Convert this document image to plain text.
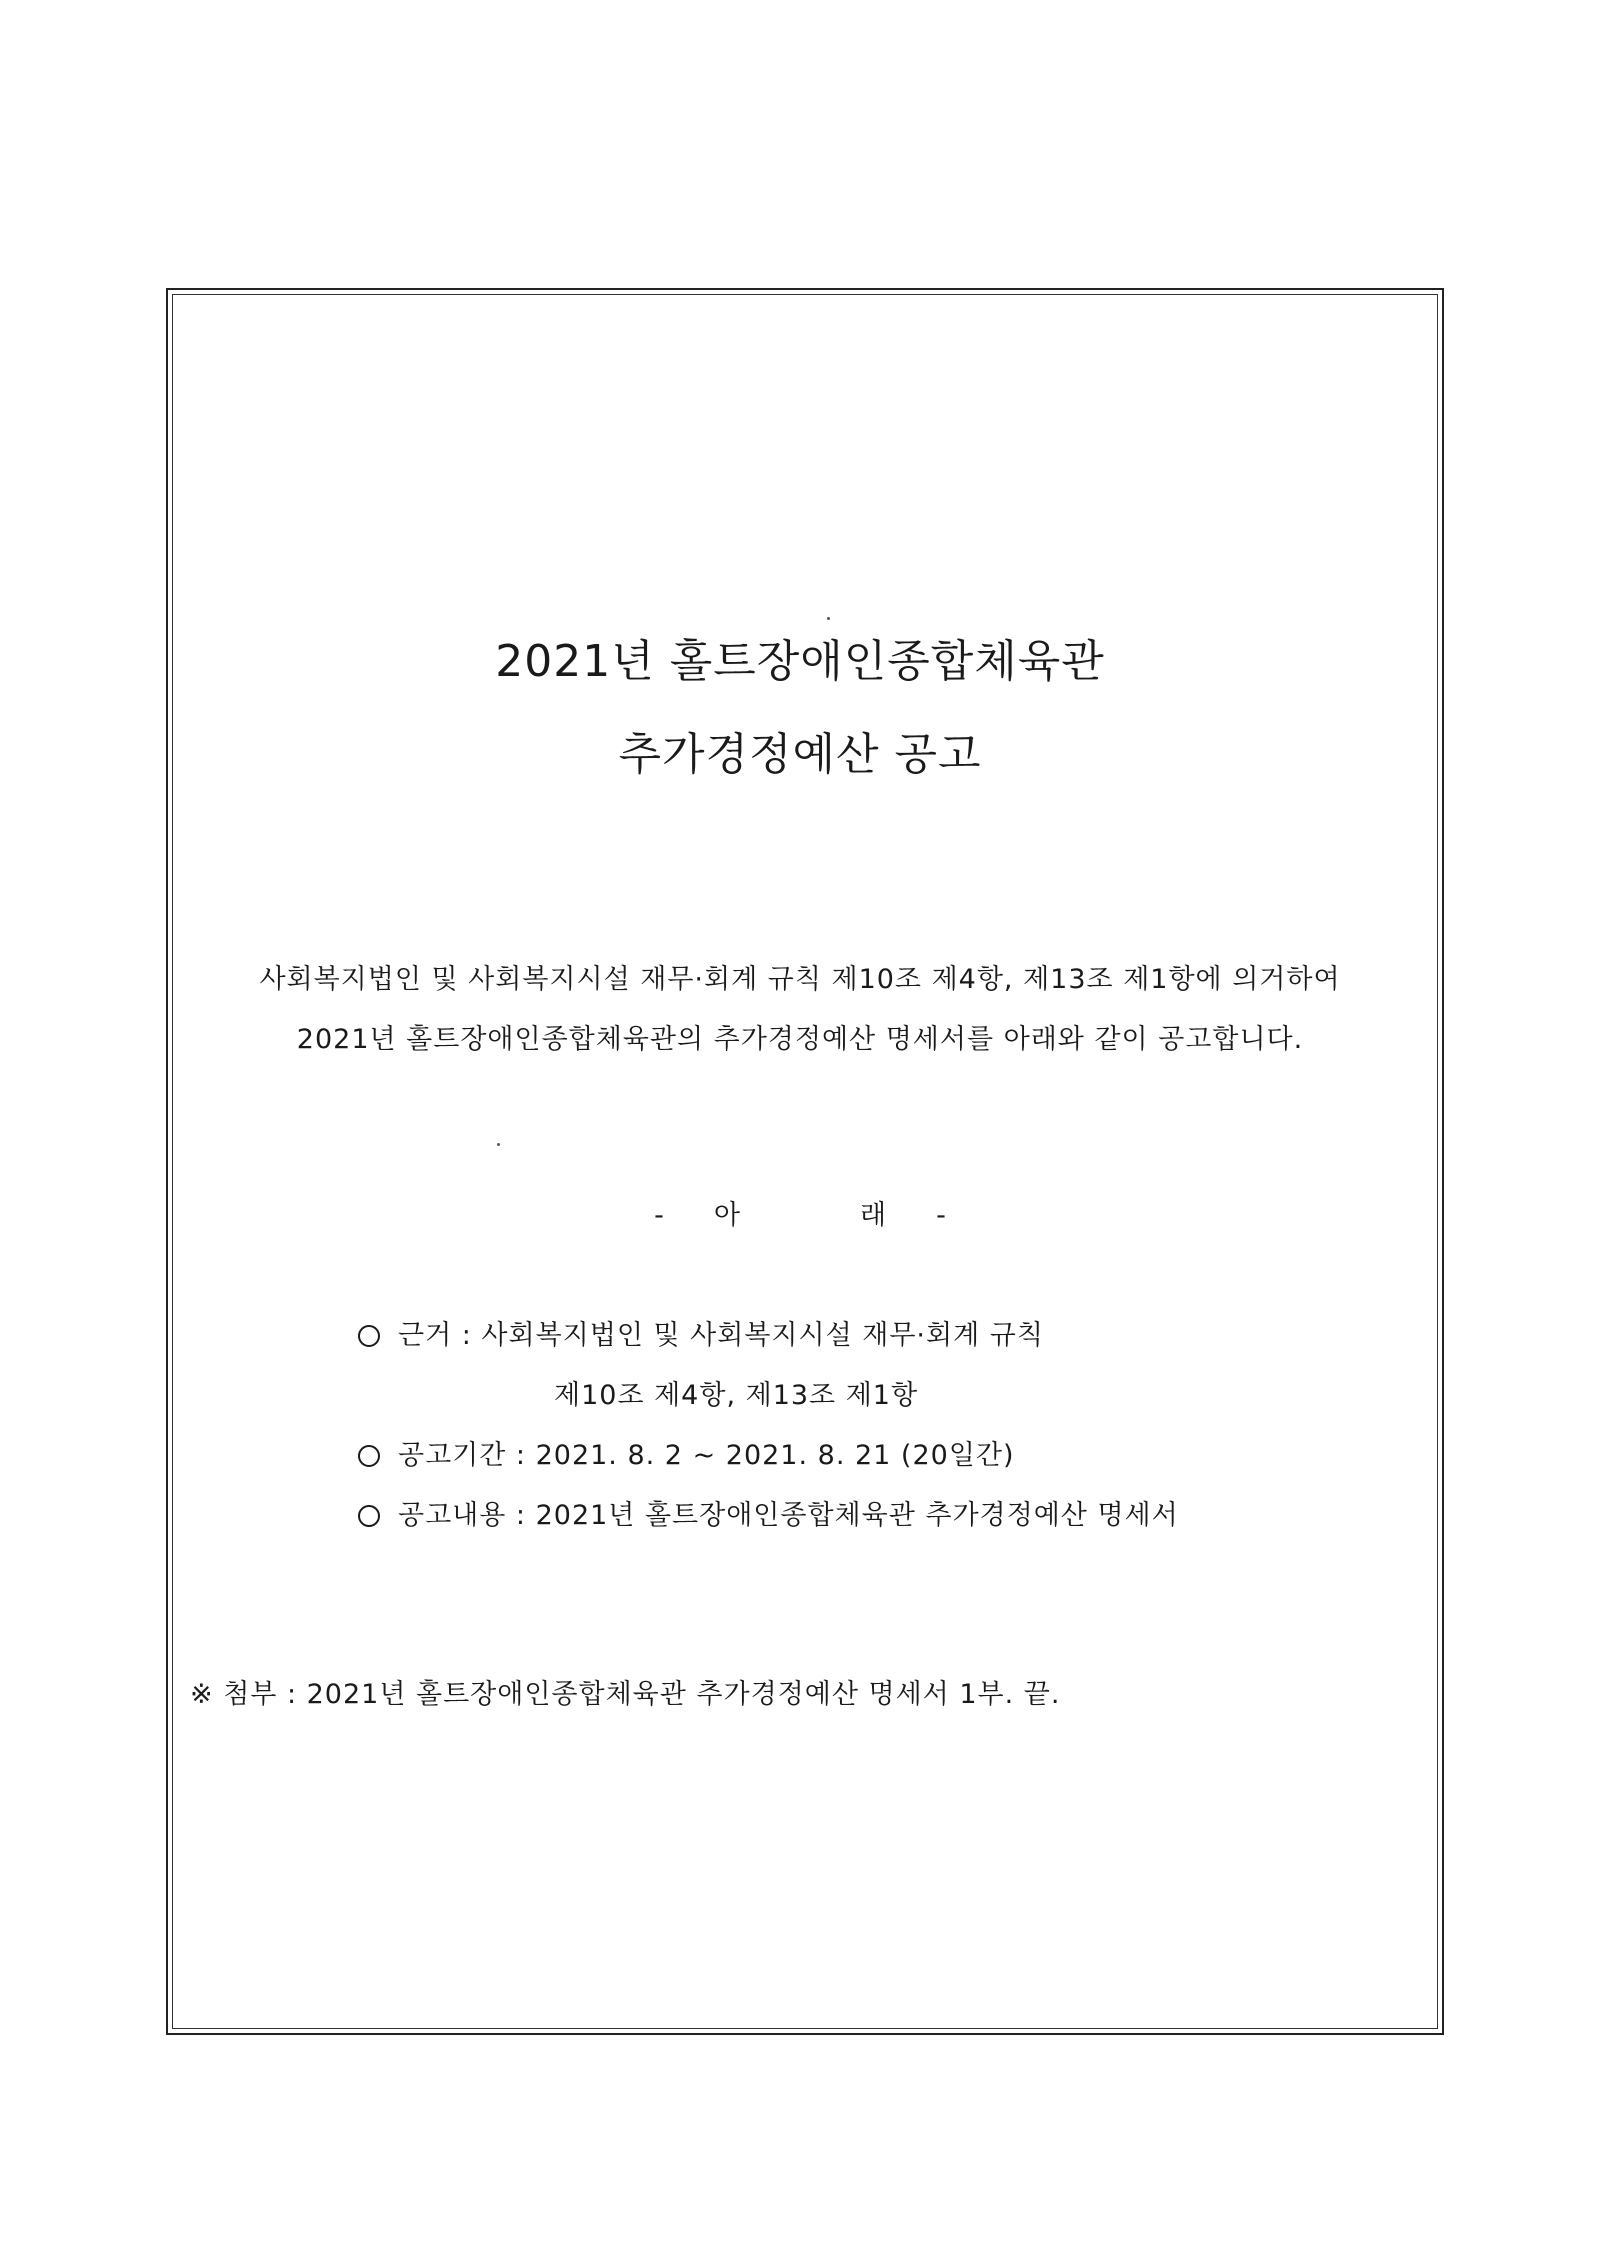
2021년 홀트장애인종합체육관
추가경정예산 공고
사회복지법인 및 사회복지시설 재무·회계 규칙 제10조 제4항, 제13조 제1항에 의거하여
2021년 홀트장애인종합체육관의 추가경정예산 명세서를 아래와 같이 공고합니다.
- 아	래 -
근거 : 사회복지법인 및 사회복지시설 재무·회계 규칙
제10조 제4항, 제13조 제1항
공고기간 : 2021. 8. 2 ~ 2021. 8. 21 (20일간)
공고내용 : 2021년 홀트장애인종합체육관 추가경정예산 명세서
※ 첨부 : 2021년 홀트장애인종합체육관 추가경정예산 명세서 1부. 끝.
